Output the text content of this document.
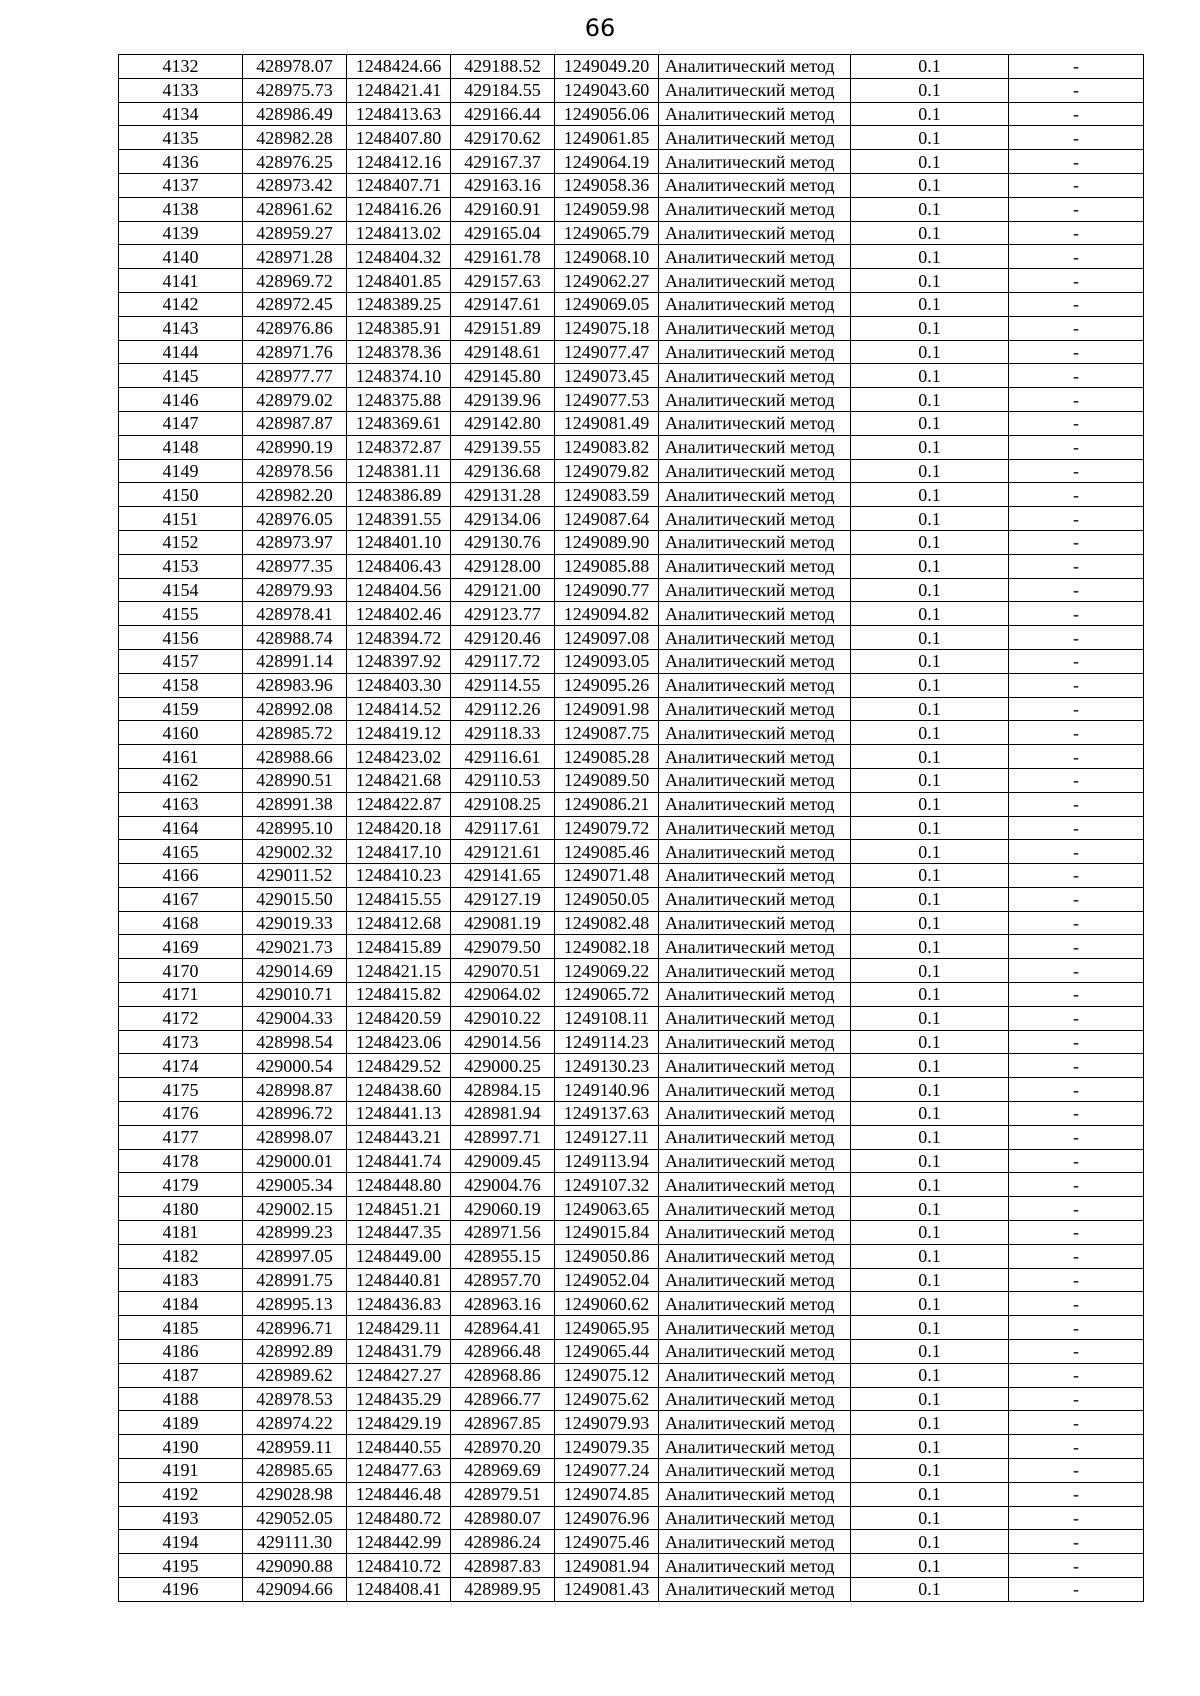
66
4132	428978.07	1248424.66	429188.52	1249049.20	Аналитический метод	0.1	-
4133	428975.73	1248421.41	429184.55	1249043.60	Аналитический метод	0.1	-
4134	428986.49	1248413.63	429166.44	1249056.06	Аналитический метод	0.1	-
4135	428982.28	1248407.80	429170.62	1249061.85	Аналитический метод	0.1	-
4136	428976.25	1248412.16	429167.37	1249064.19	Аналитический метод	0.1	-
4137	428973.42	1248407.71	429163.16	1249058.36	Аналитический метод	0.1	-
4138	428961.62	1248416.26	429160.91	1249059.98	Аналитический метод	0.1	-
4139	428959.27	1248413.02	429165.04	1249065.79	Аналитический метод	0.1	-
4140	428971.28	1248404.32	429161.78	1249068.10	Аналитический метод	0.1	-
4141	428969.72	1248401.85	429157.63	1249062.27	Аналитический метод	0.1	-
4142	428972.45	1248389.25	429147.61	1249069.05	Аналитический метод	0.1	-
4143	428976.86	1248385.91	429151.89	1249075.18	Аналитический метод	0.1	-
4144	428971.76	1248378.36	429148.61	1249077.47	Аналитический метод	0.1	-
4145	428977.77	1248374.10	429145.80	1249073.45	Аналитический метод	0.1	-
4146	428979.02	1248375.88	429139.96	1249077.53	Аналитический метод	0.1	-
4147	428987.87	1248369.61	429142.80	1249081.49	Аналитический метод	0.1	-
4148	428990.19	1248372.87	429139.55	1249083.82	Аналитический метод	0.1	-
4149	428978.56	1248381.11	429136.68	1249079.82	Аналитический метод	0.1	-
4150	428982.20	1248386.89	429131.28	1249083.59	Аналитический метод	0.1	-
4151	428976.05	1248391.55	429134.06	1249087.64	Аналитический метод	0.1	-
4152	428973.97	1248401.10	429130.76	1249089.90	Аналитический метод	0.1	-
4153	428977.35	1248406.43	429128.00	1249085.88	Аналитический метод	0.1	-
4154	428979.93	1248404.56	429121.00	1249090.77	Аналитический метод	0.1	-
4155	428978.41	1248402.46	429123.77	1249094.82	Аналитический метод	0.1	-
4156	428988.74	1248394.72	429120.46	1249097.08	Аналитический метод	0.1	-
4157	428991.14	1248397.92	429117.72	1249093.05	Аналитический метод	0.1	-
4158	428983.96	1248403.30	429114.55	1249095.26	Аналитический метод	0.1	-
4159	428992.08	1248414.52	429112.26	1249091.98	Аналитический метод	0.1	-
4160	428985.72	1248419.12	429118.33	1249087.75	Аналитический метод	0.1	-
4161	428988.66	1248423.02	429116.61	1249085.28	Аналитический метод	0.1	-
4162	428990.51	1248421.68	429110.53	1249089.50	Аналитический метод	0.1	-
4163	428991.38	1248422.87	429108.25	1249086.21	Аналитический метод	0.1	-
4164	428995.10	1248420.18	429117.61	1249079.72	Аналитический метод	0.1	-
4165	429002.32	1248417.10	429121.61	1249085.46	Аналитический метод	0.1	-
4166	429011.52	1248410.23	429141.65	1249071.48	Аналитический метод	0.1	-
4167	429015.50	1248415.55	429127.19	1249050.05	Аналитический метод	0.1	-
4168	429019.33	1248412.68	429081.19	1249082.48	Аналитический метод	0.1	-
4169	429021.73	1248415.89	429079.50	1249082.18	Аналитический метод	0.1	-
4170	429014.69	1248421.15	429070.51	1249069.22	Аналитический метод	0.1	-
4171	429010.71	1248415.82	429064.02	1249065.72	Аналитический метод	0.1	-
4172	429004.33	1248420.59	429010.22	1249108.11	Аналитический метод	0.1	-
4173	428998.54	1248423.06	429014.56	1249114.23	Аналитический метод	0.1	-
4174	429000.54	1248429.52	429000.25	1249130.23	Аналитический метод	0.1	-
4175	428998.87	1248438.60	428984.15	1249140.96	Аналитический метод	0.1	-
4176	428996.72	1248441.13	428981.94	1249137.63	Аналитический метод	0.1	-
4177	428998.07	1248443.21	428997.71	1249127.11	Аналитический метод	0.1	-
4178	429000.01	1248441.74	429009.45	1249113.94	Аналитический метод	0.1	-
4179	429005.34	1248448.80	429004.76	1249107.32	Аналитический метод	0.1	-
4180	429002.15	1248451.21	429060.19	1249063.65	Аналитический метод	0.1	-
4181	428999.23	1248447.35	428971.56	1249015.84	Аналитический метод	0.1	-
4182	428997.05	1248449.00	428955.15	1249050.86	Аналитический метод	0.1	-
4183	428991.75	1248440.81	428957.70	1249052.04	Аналитический метод	0.1	-
4184	428995.13	1248436.83	428963.16	1249060.62	Аналитический метод	0.1	-
4185	428996.71	1248429.11	428964.41	1249065.95	Аналитический метод	0.1	-
4186	428992.89	1248431.79	428966.48	1249065.44	Аналитический метод	0.1	-
4187	428989.62	1248427.27	428968.86	1249075.12	Аналитический метод	0.1	-
4188	428978.53	1248435.29	428966.77	1249075.62	Аналитический метод	0.1	-
4189	428974.22	1248429.19	428967.85	1249079.93	Аналитический метод	0.1	-
4190	428959.11	1248440.55	428970.20	1249079.35	Аналитический метод	0.1	-
4191	428985.65	1248477.63	428969.69	1249077.24	Аналитический метод	0.1	-
4192	429028.98	1248446.48	428979.51	1249074.85	Аналитический метод	0.1	-
4193	429052.05	1248480.72	428980.07	1249076.96	Аналитический метод	0.1	-
4194	429111.30	1248442.99	428986.24	1249075.46	Аналитический метод	0.1	-
4195	429090.88	1248410.72	428987.83	1249081.94	Аналитический метод	0.1	-
4196	429094.66	1248408.41	428989.95	1249081.43	Аналитический метод	0.1	-
